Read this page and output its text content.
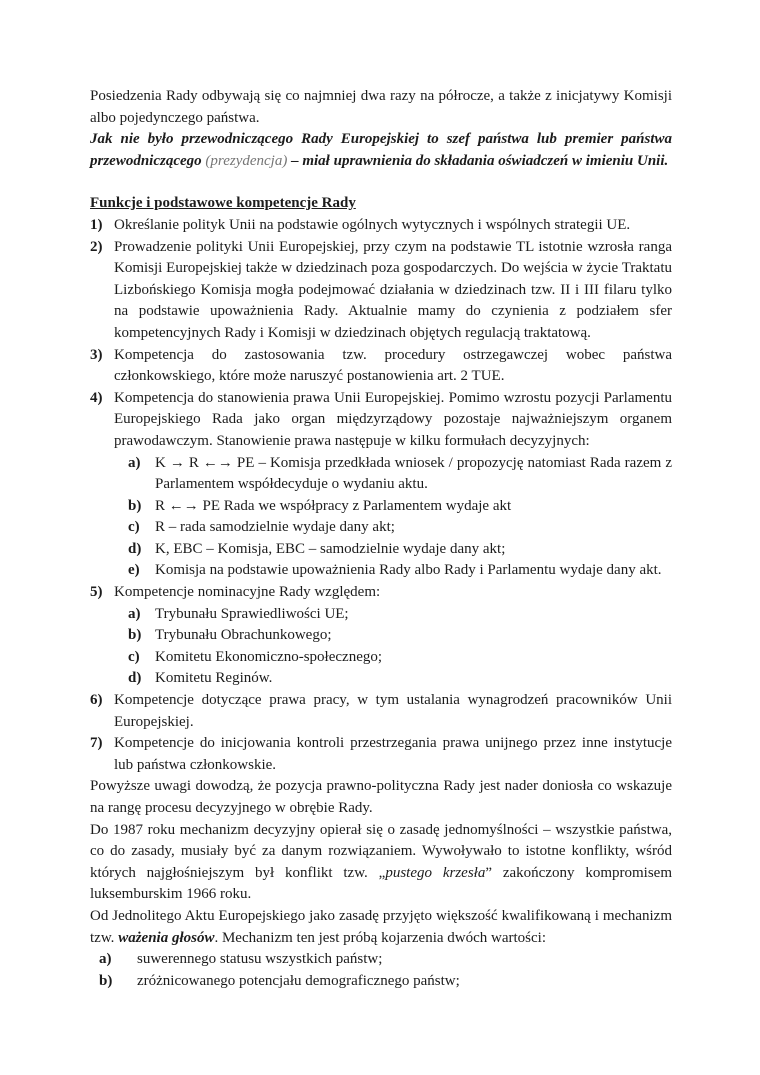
Posiedzenia Rady odbywają się co najmniej dwa razy na półrocze, a także z inicjatywy Komisji albo pojedynczego państwa.

Jak nie było przewodniczącego Rady Europejskiej to szef państwa lub premier państwa przewodniczącego (prezydencja) – miał uprawnienia do składania oświadczeń w imieniu Unii.

Funkcje i podstawowe kompetencje Rady
1) Określanie polityk Unii na podstawie ogólnych wytycznych i wspólnych strategii UE.
2) Prowadzenie polityki Unii Europejskiej, przy czym na podstawie TL istotnie wzrosła ranga Komisji Europejskiej także w dziedzinach poza gospodarczych. Do wejścia w życie Traktatu Lizbońskiego Komisja mogła podejmować działania w dziedzinach tzw. II i III filaru tylko na podstawie upoważnienia Rady. Aktualnie mamy do czynienia z podziałem sfer kompetencyjnych Rady i Komisji w dziedzinach objętych regulacją traktatową.
3) Kompetencja do zastosowania tzw. procedury ostrzegawczej wobec państwa członkowskiego, które może naruszyć postanowienia art. 2 TUE.
4) Kompetencja do stanowienia prawa Unii Europejskiej. Pomimo wzrostu pozycji Parlamentu Europejskiego Rada jako organ międzyrządowy pozostaje najważniejszym organem prawodawczym. Stanowienie prawa następuje w kilku formułach decyzyjnych:
a) K → R ←→ PE – Komisja przedkłada wniosek / propozycję natomiast Rada razem z Parlamentem współdecyduje o wydaniu aktu.
b) R ←→ PE Rada we współpracy z Parlamentem wydaje akt
c)	R – rada samodzielnie wydaje dany akt;
d) K, EBC – Komisja, EBC – samodzielnie wydaje dany akt;
e)	Komisja na podstawie upoważnienia Rady albo Rady i Parlamentu wydaje dany akt.
5) Kompetencje nominacyjne Rady względem:
a) Trybunału Sprawiedliwości UE;
b) Trybunału Obrachunkowego;
c)	Komitetu Ekonomiczno-społecznego;
d) Komitetu Reginów.
6) Kompetencje dotyczące prawa pracy, w tym ustalania wynagrodzeń pracowników Unii Europejskiej.
7) Kompetencje do inicjowania kontroli przestrzegania prawa unijnego przez inne instytucje lub państwa członkowskie.

Powyższe uwagi dowodzą, że pozycja prawno-polityczna Rady jest nader doniosła co wskazuje na rangę procesu decyzyjnego w obrębie Rady.

Do 1987 roku mechanizm decyzyjny opierał się o zasadę jednomyślności – wszystkie państwa, co do zasady, musiały być za danym rozwiązaniem. Wywoływało to istotne konflikty, wśród których najgłośniejszym był konflikt tzw. „pustego krzesła” zakończony kompromisem luksemburskim 1966 roku.

Od Jednolitego Aktu Europejskiego jako zasadę przyjęto większość kwalifikowaną i mechanizm tzw. ważenia głosów. Mechanizm ten jest próbą kojarzenia dwóch wartości:

a)	suwerennego statusu wszystkich państw;
b)	zróżnicowanego potencjału demograficznego państw;
